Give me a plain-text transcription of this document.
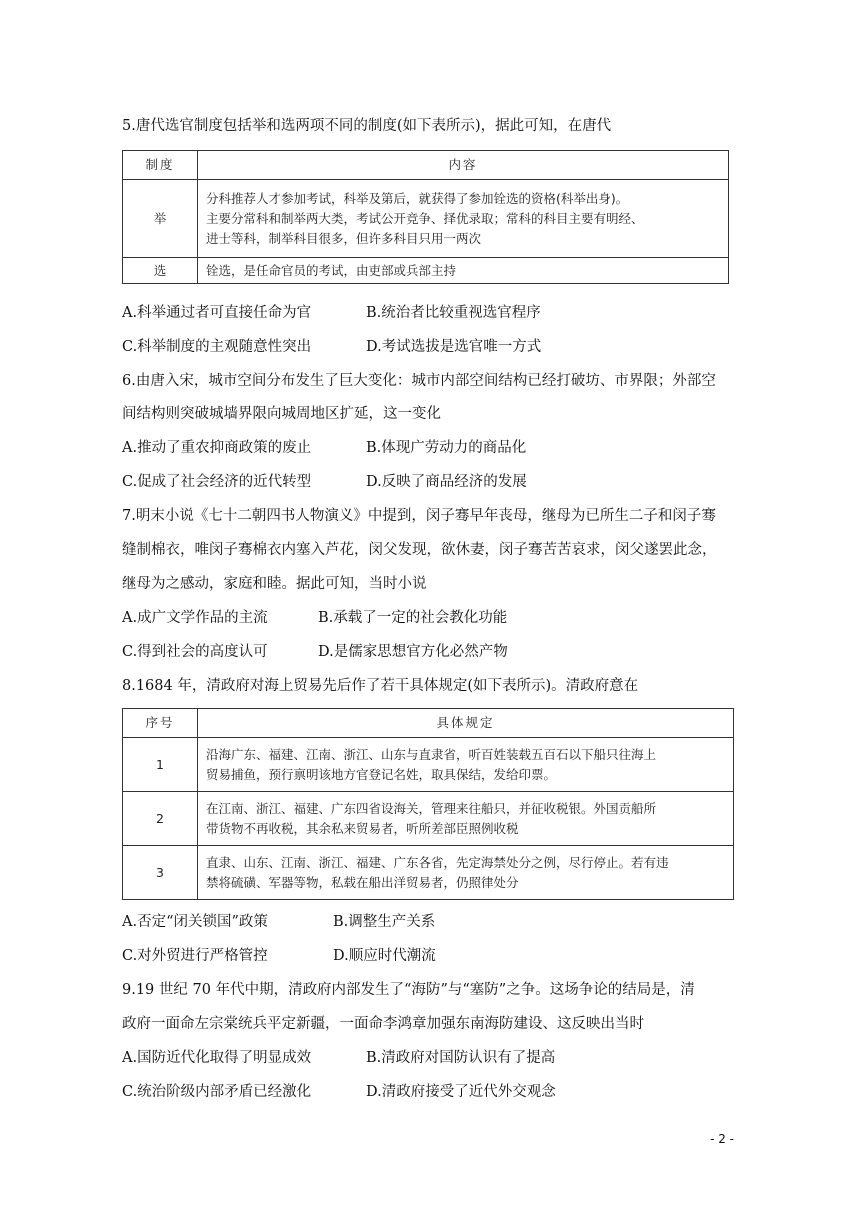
5.唐代选官制度包括举和选两项不同的制度(如下表所示)，据此可知，在唐代
制度	内容
举	分科推荐人才参加考试，科举及第后，就获得了参加铨选的资格(科举出身)。
主要分常科和制举两大类，考试公开竞争、择优录取；常科的科目主要有明经、
进士等科，制举科目很多，但许多科目只用一两次

选	铨选，是任命官员的考试，由吏部或兵部主持
A.科举通过者可直接任命为官	B.统治者比较重视选官程序
C.科举制度的主观随意性突出	D.考试选拔是选官唯一方式
6.由唐入宋，城市空间分布发生了巨大变化：城市内部空间结构已经打破坊、市界限；外部空
间结构则突破城墙界限向城周地区扩延，这一变化
A.推动了重农抑商政策的废止	B.体现广劳动力的商品化
C.促成了社会经济的近代转型	D.反映了商品经济的发展
7.明末小说《七十二朝四书人物演义》中提到，闵子骞早年丧母，继母为已所生二子和闵子骞
缝制棉衣，唯闵子骞棉衣内塞入芦花，闵父发现，欲休妻，闵子骞苦苦哀求，闵父遂罢此念，
继母为之感动，家庭和睦。据此可知，当时小说
A.成广文学作品的主流	B.承载了一定的社会教化功能
C.得到社会的高度认可	D.是儒家思想官方化必然产物
8.1684 年，清政府对海上贸易先后作了若干具体规定(如下表所示)。清政府意在
序号	具体规定
1	沿海广东、福建、江南、浙江、山东与直隶省，听百姓装载五百石以下船只往海上
贸易捕鱼，预行禀明该地方官登记名姓，取具保结，发给印票。

2	在江南、浙江、福建、广东四省设海关，管理来往船只，并征收税银。外国贡船所
带货物不再收税，其余私来贸易者，听所差部臣照例收税

3	直隶、山东、江南、浙江、福建、广东各省，先定海禁处分之例，尽行停止。若有违
禁将硫磺、军器等物，私载在船出洋贸易者，仍照律处分
A.否定“闭关锁国”政策	B.调整生产关系
C.对外贸进行严格管控	D.顺应时代潮流
9.19 世纪 70 年代中期，清政府内部发生了“海防”与“塞防”之争。这场争论的结局是，清
政府一面命左宗棠统兵平定新疆，一面命李鸿章加强东南海防建设、这反映出当时
A.国防近代化取得了明显成效	B.清政府对国防认识有了提高
C.统治阶级内部矛盾已经激化	D.清政府接受了近代外交观念
- 2 -
